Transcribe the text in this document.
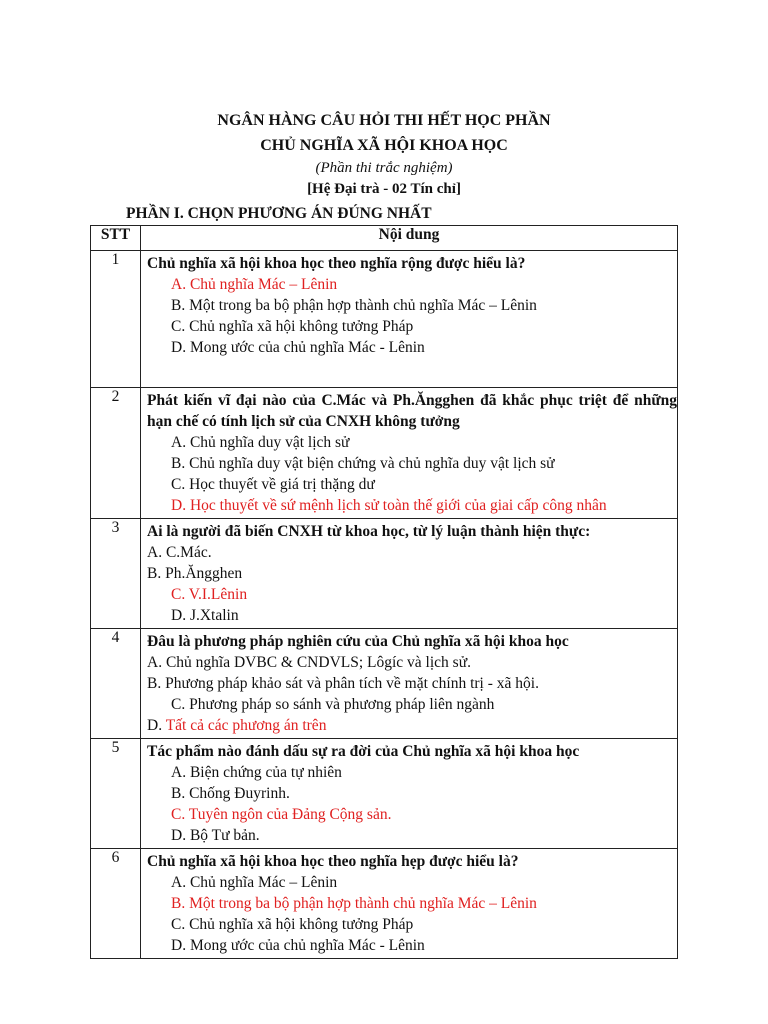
NGÂN HÀNG CÂU HỎI THI HẾT HỌC PHẦN
CHỦ NGHĨA XÃ HỘI KHOA HỌC
(Phần thi trắc nghiệm)
[Hệ Đại trà - 02 Tín chỉ]
PHẦN I. CHỌN PHƯƠNG ÁN ĐÚNG NHẤT
STT	Nội dung
1	Chủ nghĩa xã hội khoa học theo nghĩa rộng được hiểu là?
A. Chủ nghĩa Mác – Lênin
B. Một trong ba bộ phận hợp thành chủ nghĩa Mác – Lênin
C. Chủ nghĩa xã hội không tưởng Pháp
D. Mong ước của chủ nghĩa Mác - Lênin

2	Phát kiến vĩ đại nào của C.Mác và Ph.Ăngghen đã khắc phục triệt để những hạn chế có tính lịch sử của CNXH không tưởng
A. Chủ nghĩa duy vật lịch sử
B. Chủ nghĩa duy vật biện chứng và chủ nghĩa duy vật lịch sử
C. Học thuyết về giá trị thặng dư
D. Học thuyết về sứ mệnh lịch sử toàn thế giới của giai cấp công nhân

3	Ai là người đã biến CNXH từ khoa học, từ lý luận thành hiện thực:
A. C.Mác.
B. Ph.Ăngghen
C. V.I.Lênin
D. J.Xtalin

4	Đâu là phương pháp nghiên cứu của Chủ nghĩa xã hội khoa học
A. Chủ nghĩa DVBC & CNDVLS; Lôgíc và lịch sử.
B. Phương pháp khảo sát và phân tích về mặt chính trị - xã hội.
C. Phương pháp so sánh và phương pháp liên ngành
D. Tất cả các phương án trên

5	Tác phẩm nào đánh dấu sự ra đời của Chủ nghĩa xã hội khoa học
A. Biện chứng của tự nhiên
B. Chống Đuyrinh.
C. Tuyên ngôn của Đảng Cộng sản.
D. Bộ Tư bản.

6	Chủ nghĩa xã hội khoa học theo nghĩa hẹp được hiểu là?
A. Chủ nghĩa Mác – Lênin
B. Một trong ba bộ phận hợp thành chủ nghĩa Mác – Lênin
C. Chủ nghĩa xã hội không tưởng Pháp
D. Mong ước của chủ nghĩa Mác - Lênin
